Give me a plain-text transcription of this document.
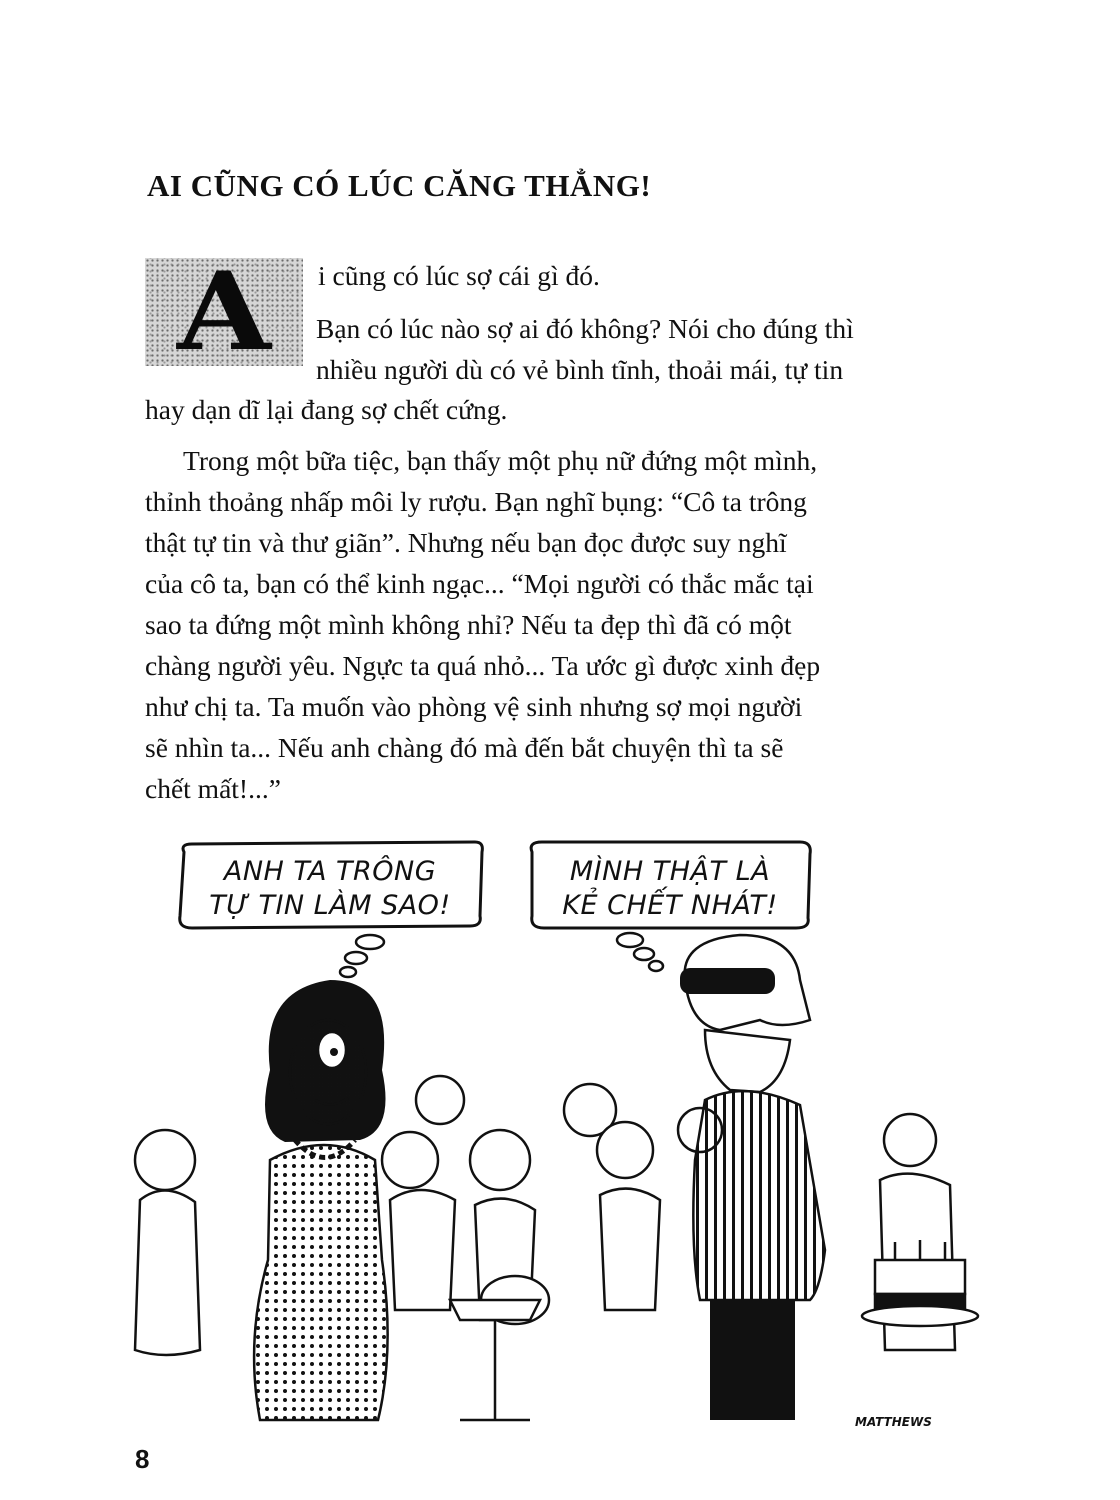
AI CŨNG CÓ LÚC CĂNG THẲNG!
A i cũng có lúc sợ cái gì đó.

Bạn có lúc nào sợ ai đó không? Nói cho đúng thì

nhiều người dù có vẻ bình tĩnh, thoải mái, tự tin

hay dạn dĩ lại đang sợ chết cứng.

Trong một bữa tiệc, bạn thấy một phụ nữ đứng một mình,

thỉnh thoảng nhấp môi ly rượu. Bạn nghĩ bụng: “Cô ta trông

thật tự tin và thư giãn”. Nhưng nếu bạn đọc được suy nghĩ

của cô ta, bạn có thể kinh ngạc... “Mọi người có thắc mắc tại

sao ta đứng một mình không nhỉ? Nếu ta đẹp thì đã có một

chàng người yêu. Ngực ta quá nhỏ... Ta ước gì được xinh đẹp

như chị ta. Ta muốn vào phòng vệ sinh nhưng sợ mọi người

sẽ nhìn ta... Nếu anh chàng đó mà đến bắt chuyện thì ta sẽ

chết mất!...”

ANH TA TRÔNG
TỰ TIN LÀM SAO!
MÌNH THẬT LÀ
KẺ CHẾT NHÁT!
MATTHEWS

8
